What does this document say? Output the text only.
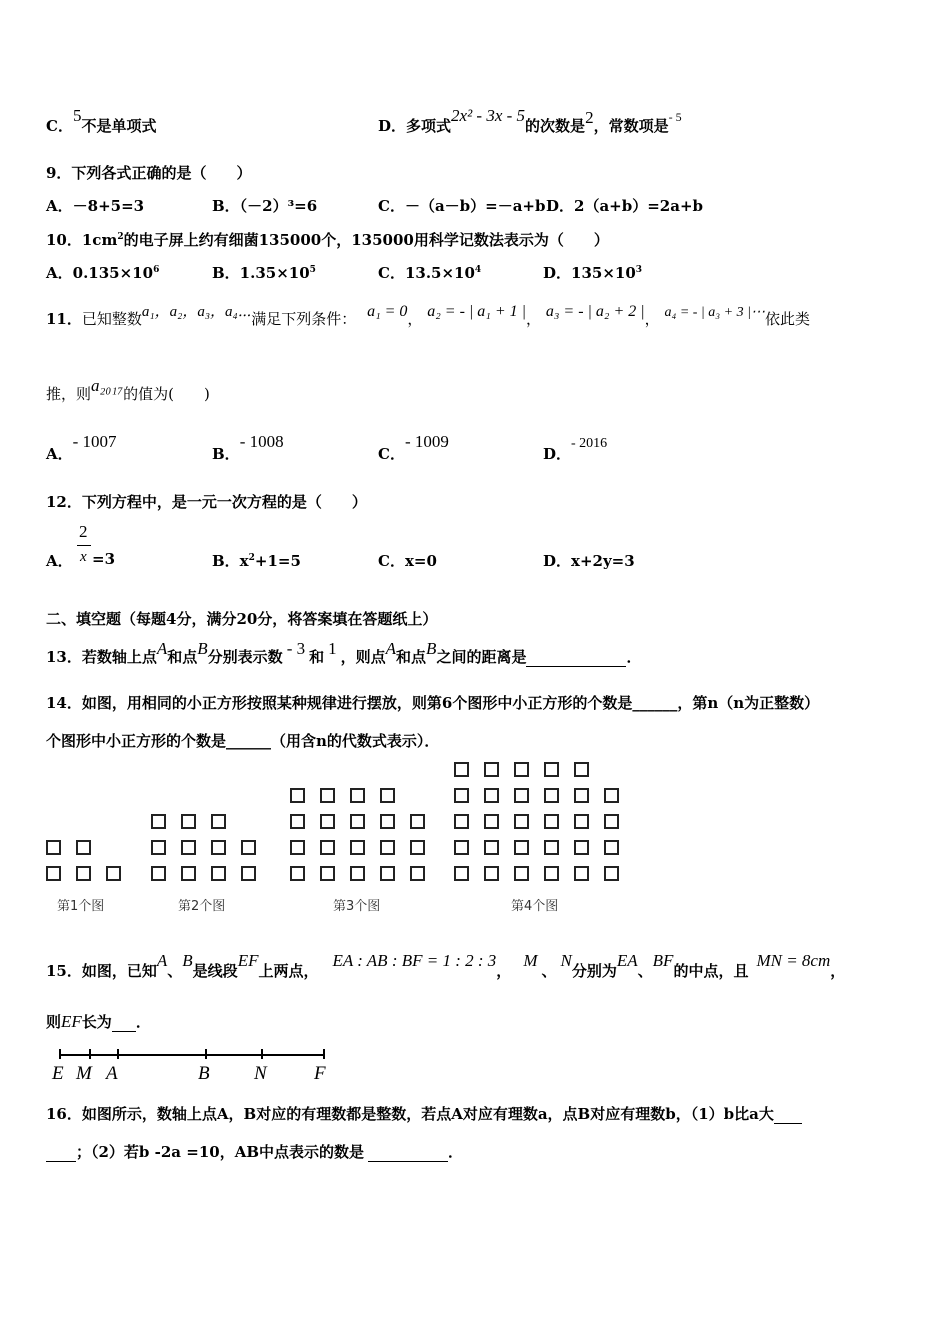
C．5不是单项式	D．多项式2x² - 3x - 5的次数是2，常数项是$^{- 5}$
9．下列各式正确的是（　　）
A．－8+5=3	B．（－2）³=6	C．－（a－b）=－a+b D．2（a+b）=2a+b
10．$1cm^2$的电子屏上约有细菌135000个，135000用科学记数法表示为（　　）
A．$0.135\times 10^6$	B．$1.35\times 10^5$	C．$13.5\times 10^4$	D．$135\times 10^3$
11．已知整数a₁，a₂，a₃，a₄⋯满足下列条件： a₁ = 0， a₂ = - | a₁ + 1 |， a₃ = - | a₂ + 2 |， a₄ = - | a₃ + 3 |⋯依此类
推，则a₂₀₁₇的值为(　　)
A．- 1007
B．- 1008
C．- 1009
D．- 2016
12．下列方程中，是一元一次方程的是（　　）
A．
2
x =3	B．$x^2+1=5$	C．x=0	D．x+2y=3
二、填空题（每题4分，满分20分，将答案填在答题纸上）
13．若数轴上点A和点B分别表示数 - 3 和 1 ，则点A和点B之间的距离是	．
14．如图，用相同的小正方形按照某种规律进行摆放，则第6个图形中小正方形的个数是______，第n（n为正整数）
个图形中小正方形的个数是______（用含n的代数式表示）．
第1个图	第2个图	第3个图	第4个图
15．如图，已知A、B是线段EF上两点，EA : AB : BF = 1 : 2 : 3，M、N分别为EA、BF的中点，且MN = 8cm，
则EF长为 ．
E M A	B N F
16．如图所示，数轴上点A，B对应的有理数都是整数，若点A对应有理数a，点B对应有理数b，（1）b比a大
；（2）若b -2a =10，AB中点表示的数是	．
